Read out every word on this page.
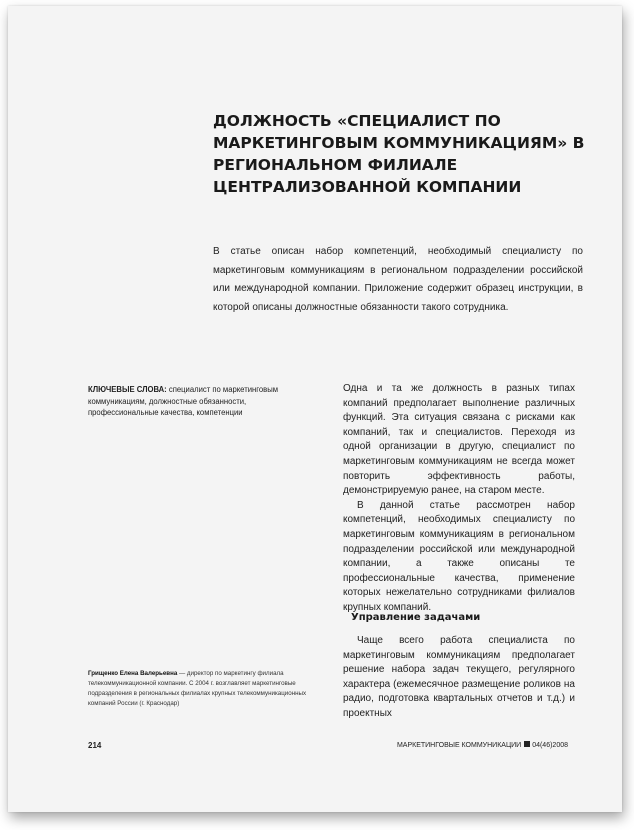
ДОЛЖНОСТЬ «СПЕЦИАЛИСТ ПО МАРКЕТИНГОВЫМ КОММУНИКАЦИЯМ» В РЕГИОНАЛЬНОМ ФИЛИАЛЕ ЦЕНТРАЛИЗОВАННОЙ КОМПАНИИ

В статье описан набор компетенций, необходимый специалисту по маркетинговым коммуникациям в региональном подразделении российской или международной компании. Приложение содержит образец инструкции, в которой описаны должностные обязанности такого сотрудника.

КЛЮЧЕВЫЕ СЛОВА: специалист по маркетинговым коммуникациям, должностные обязанности, профессиональные качества, компетенции

Одна и та же должность в разных типах компаний предполагает выполнение различных функций. Эта ситуация связана с рисками как компаний, так и специалистов. Переходя из одной организации в другую, специалист по маркетинговым коммуникациям не всегда может повторить эффективность работы, демонстрируемую ранее, на старом месте.

В данной статье рассмотрен набор компетенций, необходимых специалисту по маркетинговым коммуникациям в региональном подразделении российской или международной компании, а также описаны те профессиональные качества, применение которых нежелательно сотрудниками филиалов крупных компаний.

Управление задачами

Чаще всего работа специалиста по маркетинговым коммуникациям предполагает решение набора задач текущего, регулярного характера (ежемесячное размещение роликов на радио, подготовка квартальных отчетов и т.д.) и проектных

Грищенко Елена Валерьевна — директор по маркетингу филиала телекоммуникационной компании. С 2004 г. возглавляет маркетинговые подразделения в региональных филиалах крупных телекоммуникационных компаний России (г. Краснодар)

214	МАРКЕТИНГОВЫЕ КОММУНИКАЦИИ 04(46)2008
